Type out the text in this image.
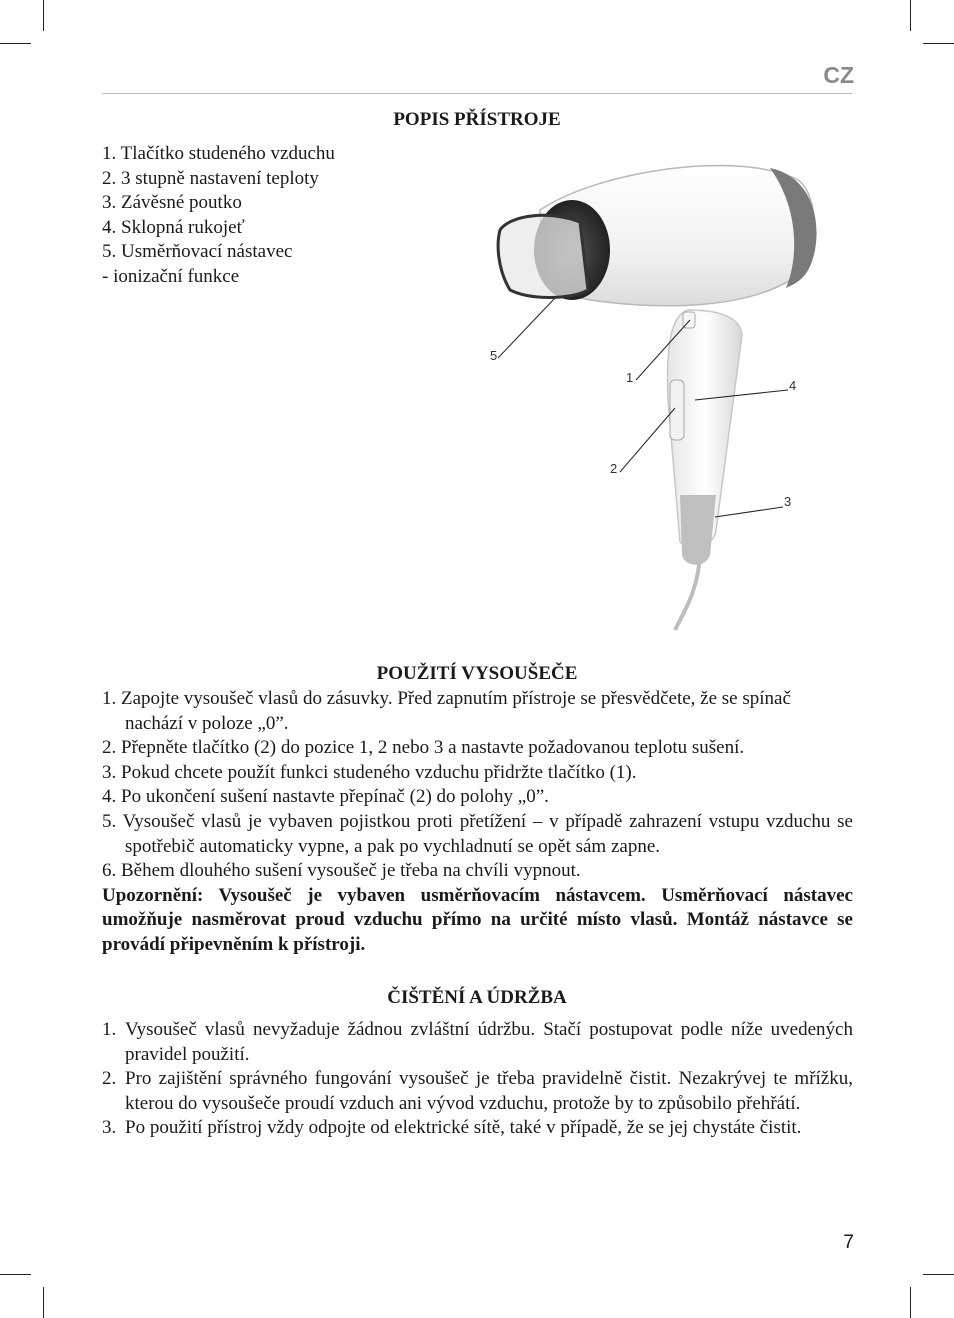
CZ
POPIS PŘÍSTROJE
1. Tlačítko studeného vzduchu
2. 3 stupně nastavení teploty
3. Závěsné poutko
4. Sklopná rukojeť
5. Usměrňovací nástavec
- ionizační funkce
5
1
4
2
3
POUŽITÍ VYSOUŠEČE
1. Zapojte vysoušeč vlasů do zásuvky. Před zapnutím přístroje se přesvědčete, že se spínač nachází v poloze „0”.
2. Přepněte tlačítko (2) do pozice 1, 2 nebo 3 a nastavte požadovanou teplotu sušení.
3. Pokud chcete použít funkci studeného vzduchu přidržte tlačítko (1).
4. Po ukončení sušení nastavte přepínač (2) do polohy „0”.
5. Vysoušeč vlasů je vybaven pojistkou proti přetížení – v případě zahrazení vstupu vzduchu se spotřebič automaticky vypne, a pak po vychladnutí se opět sám zapne.
6. Během dlouhého sušení vysoušeč je třeba na chvíli vypnout.
Upozornění: Vysoušeč je vybaven usměrňovacím nástavcem. Usměrňovací nástavec umožňuje nasměrovat proud vzduchu přímo na určité místo vlasů. Montáž nástavce se provádí připevněním k přístroji.
ČIŠTĚNÍ A ÚDRŽBA
1. Vysoušeč vlasů nevyžaduje žádnou zvláštní údržbu. Stačí postupovat podle níže uvedených pravidel použití.
2. Pro zajištění správného fungování vysoušeč je třeba pravidelně čistit. Nezakrývej te mřížku, kterou do vysoušeče proudí vzduch ani vývod vzduchu, protože by to způsobilo přehřátí.
3. Po použití přístroj vždy odpojte od elektrické sítě, také v případě, že se jej chystáte čistit.
7
